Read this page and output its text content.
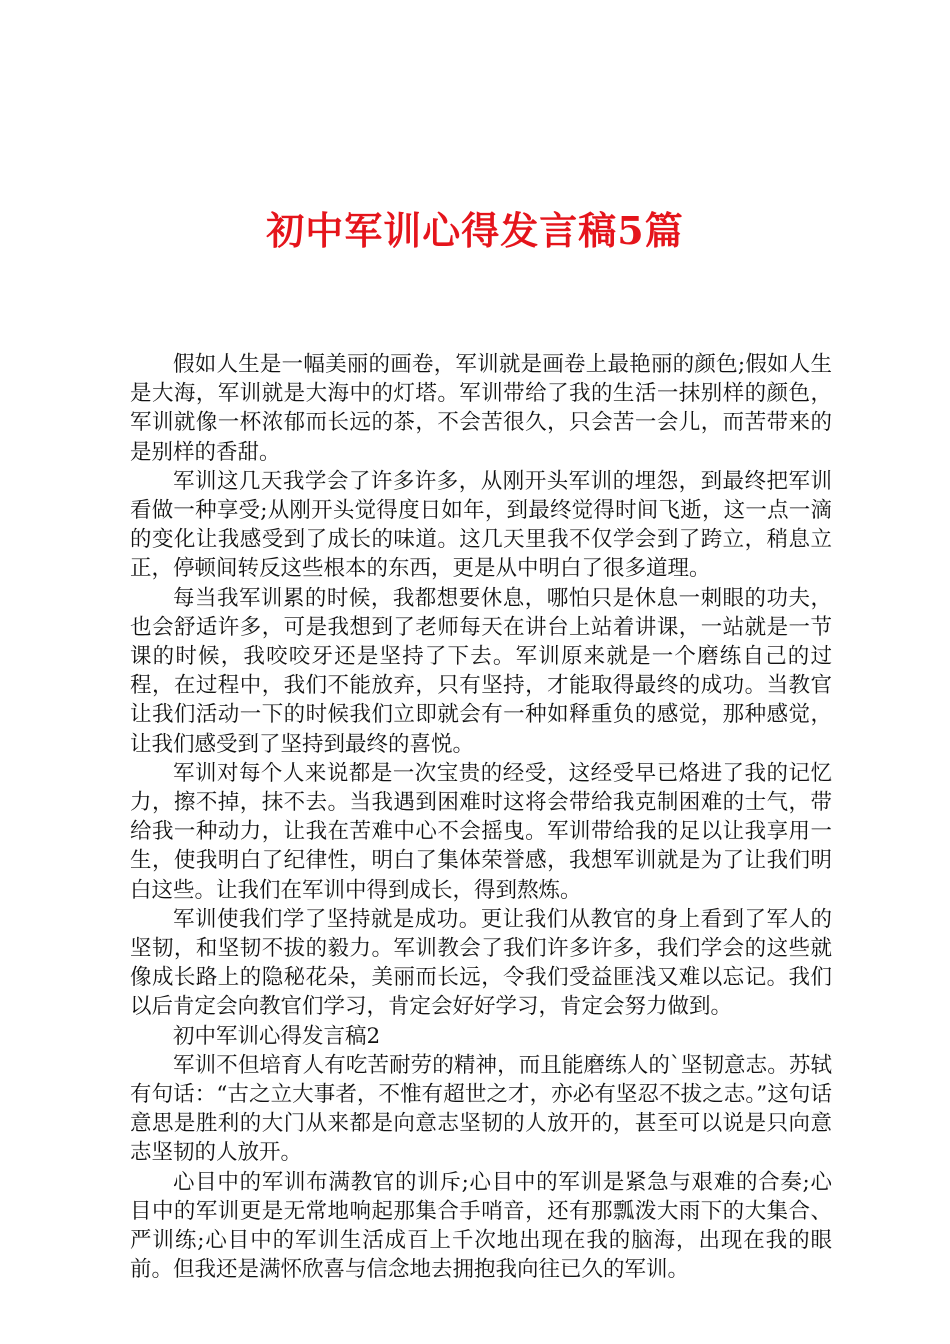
初中军训心得发言稿5篇

假如人生是一幅美丽的画卷，军训就是画卷上最艳丽的颜色;假如人生是大海，军训就是大海中的灯塔。军训带给了我的生活一抹别样的颜色，军训就像一杯浓郁而长远的茶，不会苦很久，只会苦一会儿，而苦带来的是别样的香甜。

军训这几天我学会了许多许多，从刚开头军训的埋怨，到最终把军训看做一种享受;从刚开头觉得度日如年，到最终觉得时间飞逝，这一点一滴的变化让我感受到了成长的味道。这几天里我不仅学会到了跨立，稍息立正，停顿间转反这些根本的东西，更是从中明白了很多道理。

每当我军训累的时候，我都想要休息，哪怕只是休息一刺眼的功夫，也会舒适许多，可是我想到了老师每天在讲台上站着讲课，一站就是一节课的时候，我咬咬牙还是坚持了下去。军训原来就是一个磨练自己的过程，在过程中，我们不能放弃，只有坚持，才能取得最终的成功。当教官让我们活动一下的时候我们立即就会有一种如释重负的感觉，那种感觉，让我们感受到了坚持到最终的喜悦。

军训对每个人来说都是一次宝贵的经受，这经受早已烙进了我的记忆力，擦不掉，抹不去。当我遇到困难时这将会带给我克制困难的士气，带给我一种动力，让我在苦难中心不会摇曳。军训带给我的足以让我享用一生，使我明白了纪律性，明白了集体荣誉感，我想军训就是为了让我们明白这些。让我们在军训中得到成长，得到熬炼。

军训使我们学了坚持就是成功。更让我们从教官的身上看到了军人的坚韧，和坚韧不拔的毅力。军训教会了我们许多许多，我们学会的这些就像成长路上的隐秘花朵，美丽而长远，令我们受益匪浅又难以忘记。我们以后肯定会向教官们学习，肯定会好好学习，肯定会努力做到。

初中军训心得发言稿2

军训不但培育人有吃苦耐劳的精神，而且能磨练人的`坚韧意志。苏轼有句话：“古之立大事者，不惟有超世之才，亦必有坚忍不拔之志。”这句话意思是胜利的大门从来都是向意志坚韧的人放开的，甚至可以说是只向意志坚韧的人放开。

心目中的军训布满教官的训斥;心目中的军训是紧急与艰难的合奏;心目中的军训更是无常地响起那集合手哨音，还有那瓢泼大雨下的大集合、严训练;心目中的军训生活成百上千次地出现在我的脑海，出现在我的眼前。但我还是满怀欣喜与信念地去拥抱我向往已久的军训。
